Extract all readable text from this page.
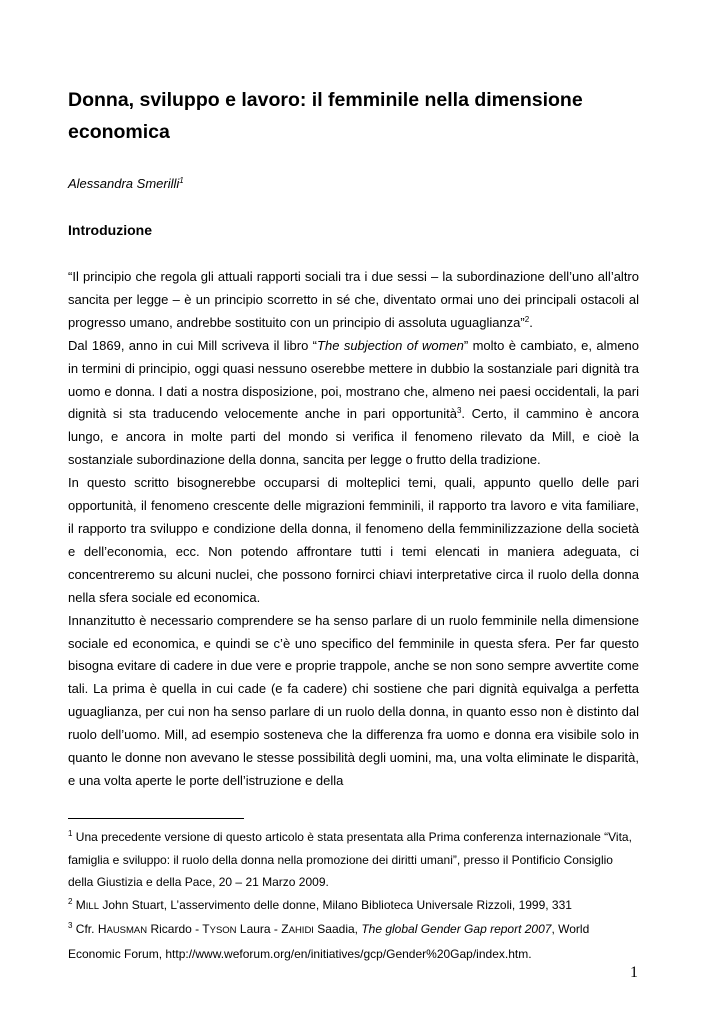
Donna, sviluppo e lavoro: il femminile nella dimensione economica
Alessandra Smerilli$^1$
Introduzione

“Il principio che regola gli attuali rapporti sociali tra i due sessi – la subordinazione dell’uno all’altro sancita per legge – è un principio scorretto in sé che, diventato ormai uno dei principali ostacoli al progresso umano, andrebbe sostituito con un principio di assoluta uguaglianza”$^2$.

Dal 1869, anno in cui Mill scriveva il libro “The subjection of women” molto è cambiato, e, almeno in termini di principio, oggi quasi nessuno oserebbe mettere in dubbio la sostanziale pari dignità tra uomo e donna. I dati a nostra disposizione, poi, mostrano che, almeno nei paesi occidentali, la pari dignità si sta traducendo velocemente anche in pari opportunità$^3$. Certo, il cammino è ancora lungo, e ancora in molte parti del mondo si verifica il fenomeno rilevato da Mill, e cioè la sostanziale subordinazione della donna, sancita per legge o frutto della tradizione.

In questo scritto bisognerebbe occuparsi di molteplici temi, quali, appunto quello delle pari opportunità, il fenomeno crescente delle migrazioni femminili, il rapporto tra lavoro e vita familiare, il rapporto tra sviluppo e condizione della donna, il fenomeno della femminilizzazione della società e dell’economia, ecc. Non potendo affrontare tutti i temi elencati in maniera adeguata, ci concentreremo su alcuni nuclei, che possono fornirci chiavi interpretative circa il ruolo della donna nella sfera sociale ed economica.

Innanzitutto è necessario comprendere se ha senso parlare di un ruolo femminile nella dimensione sociale ed economica, e quindi se c’è uno specifico del femminile in questa sfera. Per far questo bisogna evitare di cadere in due vere e proprie trappole, anche se non sono sempre avvertite come tali. La prima è quella in cui cade (e fa cadere) chi sostiene che pari dignità equivalga a perfetta uguaglianza, per cui non ha senso parlare di un ruolo della donna, in quanto esso non è distinto dal ruolo dell’uomo. Mill, ad esempio sosteneva che la differenza fra uomo e donna era visibile solo in quanto le donne non avevano le stesse possibilità degli uomini, ma, una volta eliminate le disparità, e una volta aperte le porte dell’istruzione e della

$^1$ Una precedente versione di questo articolo è stata presentata alla Prima conferenza internazionale “Vita, famiglia e sviluppo: il ruolo della donna nella promozione dei diritti umani”, presso il Pontificio Consiglio della Giustizia e della Pace, 20 – 21 Marzo 2009.

$^2$ MILL John Stuart, L’asservimento delle donne, Milano Biblioteca Universale Rizzoli, 1999, 331

$^3$ Cfr. HAUSMAN Ricardo - TYSON Laura - ZAHIDI Saadia, The global Gender Gap report 2007, World Economic Forum, http://www.weforum.org/en/initiatives/gcp/Gender%20Gap/index.htm.

1
